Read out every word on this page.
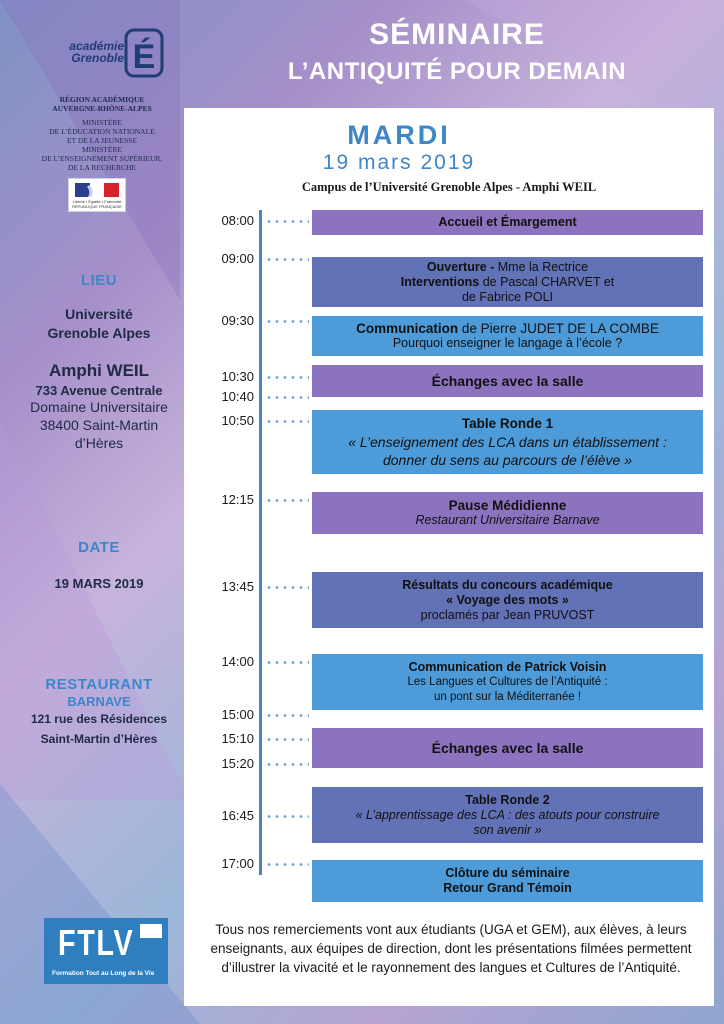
SÉMINAIRE
L’ANTIQUITÉ POUR DEMAIN
académie
Grenoble É
RÉGION ACADÉMIQUE
AUVERGNE-RHÔNE-ALPES
MINISTÈRE
DE L’ÉDUCATION NATIONALE
ET DE LA JEUNESSE
MINISTÈRE
DE L’ENSEIGNEMENT SUPÉRIEUR,
DE LA RECHERCHE
Liberté • Égalité • Fraternité
RÉPUBLIQUE FRANÇAISE
LIEU
Université
Grenoble Alpes
Amphi WEIL
733 Avenue Centrale
Domaine Universitaire
38400 Saint-Martin
d’Hères
DATE
19 MARS 2019
RESTAURANT
BARNAVE
121 rue des Résidences
Saint-Martin d’Hères
FTLV
Formation Tout au Long de la Vie
MARDI
19 mars 2019
Campus de l’Université Grenoble Alpes - Amphi WEIL
08:00
09:00
09:30
10:30
10:40
10:50
12:15
13:45
14:00
15:00
15:10
15:20
16:45
17:00
Accueil et Émargement
Ouverture - Mme la Rectrice
Interventions de Pascal CHARVET et
de Fabrice POLI
Communication de Pierre JUDET DE LA COMBE
Pourquoi enseigner le langage à l’école ?
Échanges avec la salle
Table Ronde 1
« L’enseignement des LCA dans un établissement :
donner du sens au parcours de l’élève »
Pause Médidienne
Restaurant Universitaire Barnave
Résultats du concours académique
« Voyage des mots »
proclamés par Jean PRUVOST
Communication de Patrick Voisin
Les Langues et Cultures de l’Antiquité :
un pont sur la Méditerranée !
Échanges avec la salle
Table Ronde 2
« L’apprentissage des LCA : des atouts pour construire
son avenir »
Clôture du séminaire
Retour Grand Témoin
Tous nos remerciements vont aux étudiants (UGA et GEM), aux élèves, à leurs enseignants, aux équipes de direction, dont les présentations filmées permettent d’illustrer la vivacité et le rayonnement des langues et Cultures de l’Antiquité.
